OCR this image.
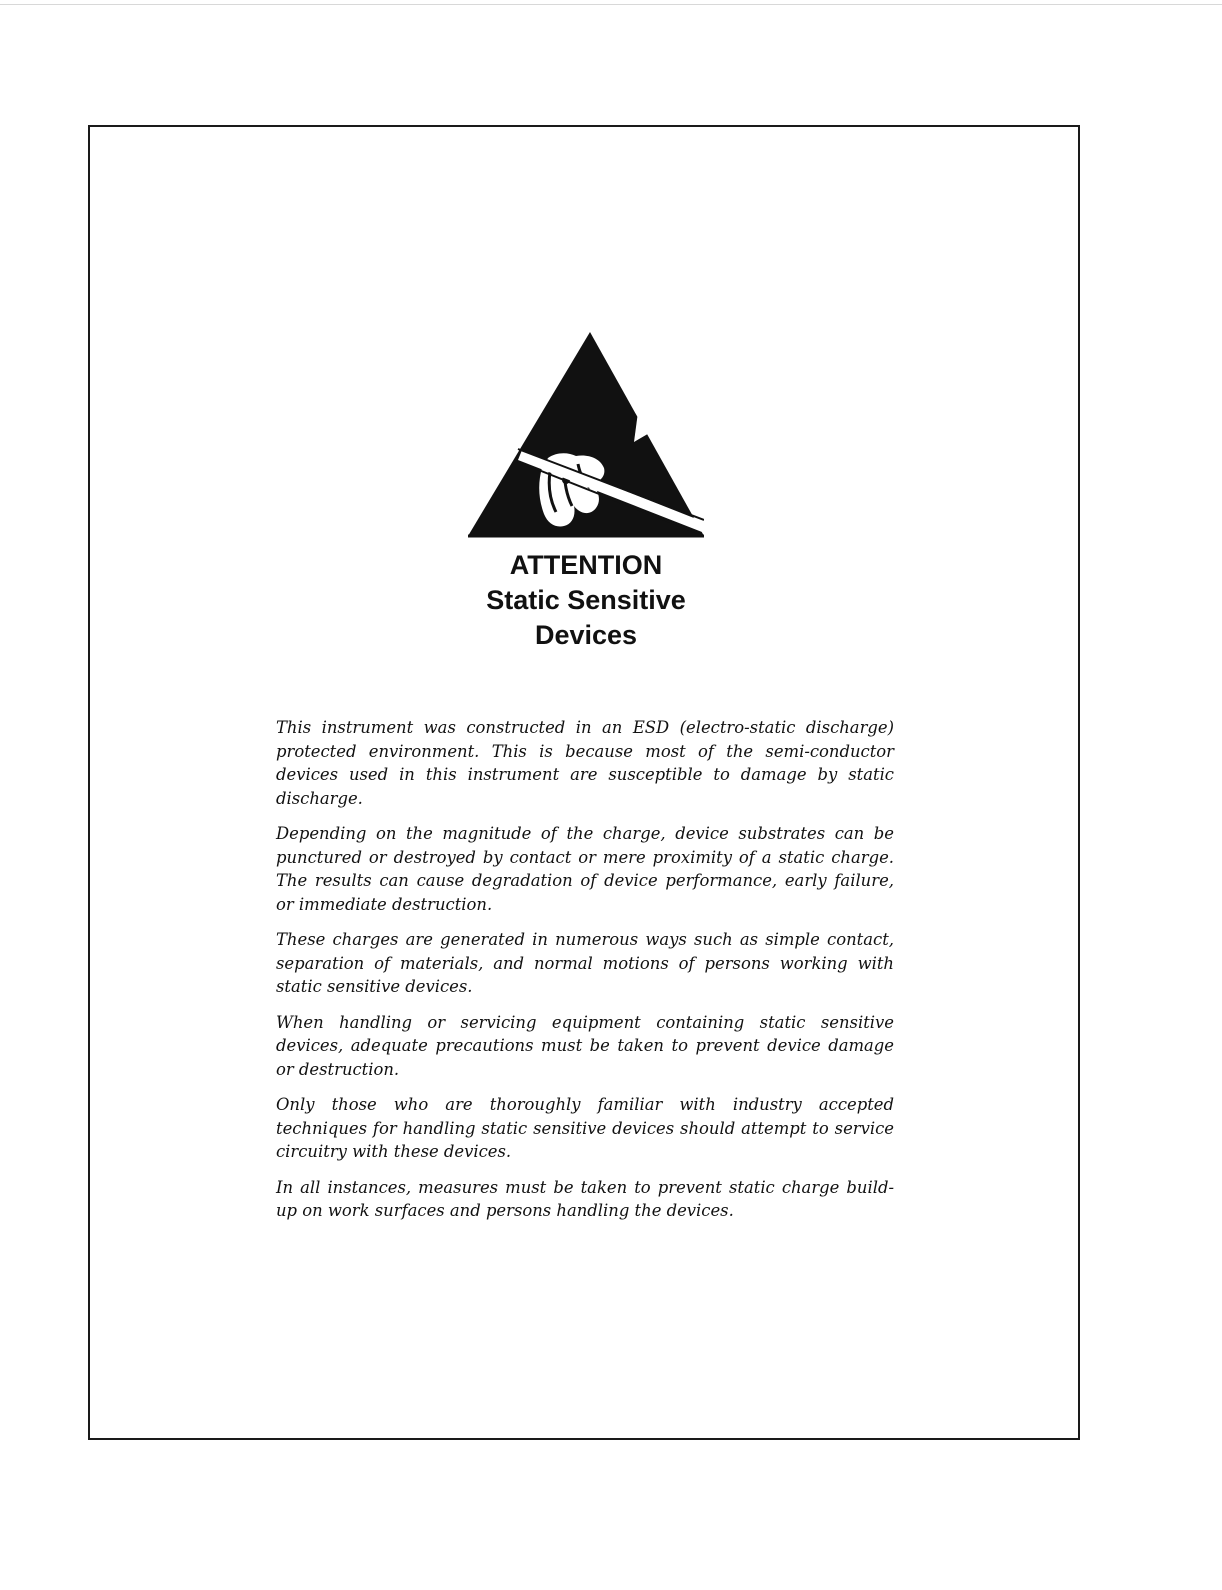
ATTENTION
Static Sensitive
Devices

This instrument was constructed in an ESD (electro-static discharge) protected environment. This is because most of the semi-conductor devices used in this instrument are susceptible to damage by static discharge.

Depending on the magnitude of the charge, device substrates can be punctured or destroyed by contact or mere proximity of a static charge. The results can cause degradation of device performance, early failure, or immediate destruction.

These charges are generated in numerous ways such as simple contact, separation of materials, and normal motions of persons working with static sensitive devices.

When handling or servicing equipment containing static sensitive devices, adequate precautions must be taken to prevent device damage or destruction.

Only those who are thoroughly familiar with industry accepted techniques for handling static sensitive devices should attempt to service circuitry with these devices.

In all instances, measures must be taken to prevent static charge build-up on work surfaces and persons handling the devices.
